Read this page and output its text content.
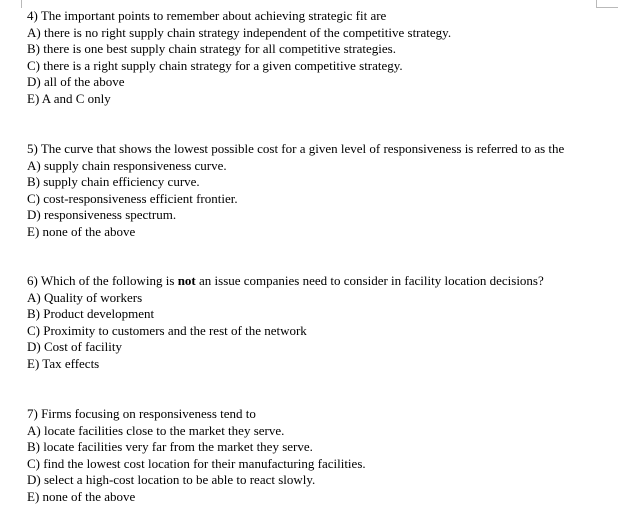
4) The important points to remember about achieving strategic fit are
A) there is no right supply chain strategy independent of the competitive strategy.
B) there is one best supply chain strategy for all competitive strategies.
C) there is a right supply chain strategy for a given competitive strategy.
D) all of the above
E) A and C only
5) The curve that shows the lowest possible cost for a given level of responsiveness is referred to as the
A) supply chain responsiveness curve.
B) supply chain efficiency curve.
C) cost-responsiveness efficient frontier.
D) responsiveness spectrum.
E) none of the above
6) Which of the following is not an issue companies need to consider in facility location decisions?
A) Quality of workers
B) Product development
C) Proximity to customers and the rest of the network
D) Cost of facility
E) Tax effects
7) Firms focusing on responsiveness tend to
A) locate facilities close to the market they serve.
B) locate facilities very far from the market they serve.
C) find the lowest cost location for their manufacturing facilities.
D) select a high-cost location to be able to react slowly.
E) none of the above
